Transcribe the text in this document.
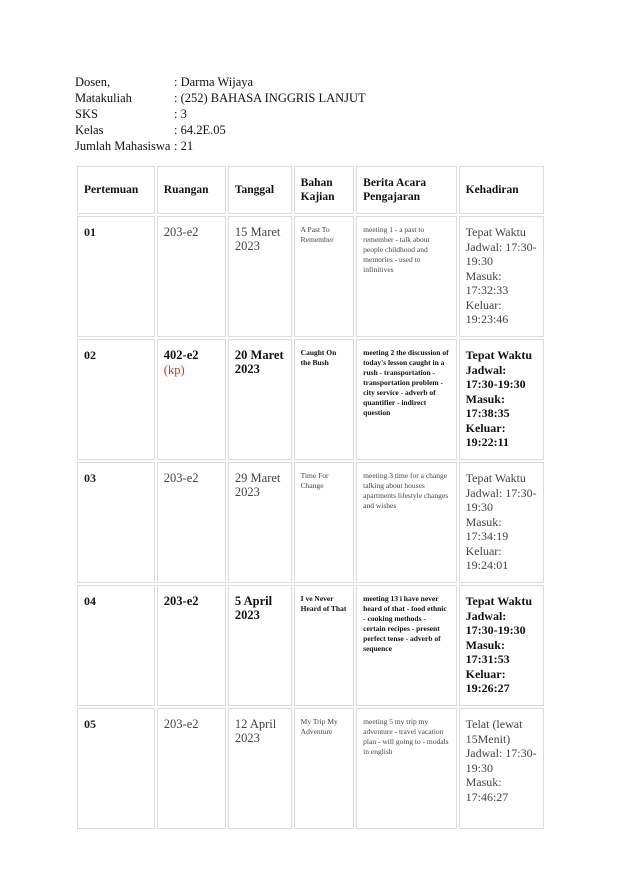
Dosen,	: Darma Wijaya
Matakuliah	: (252) BAHASA INGGRIS LANJUT
SKS	: 3
Kelas	: 64.2E.05
Jumlah Mahasiswa : 21
Pertemuan	Ruangan	Tanggal	Bahan Kajian	Berita Acara Pengajaran	Kehadiran
01	203-e2	15 Maret 2023	A Past To Remember	meeting 1 - a past to remember - talk about people childhood and memories - used to infinitives	Tepat Waktu
Jadwal: 17:30-19:30
Masuk: 17:32:33
Keluar: 19:23:46

02	402-e2 (kp)	20 Maret 2023	Caught On the Bush	meeting 2 the discussion of today's lesson caught in a rush - transportation - transportation problem - city service - adverb of quantifier - indirect question	Tepat Waktu
Jadwal: 17:30-19:30
Masuk: 17:38:35
Keluar: 19:22:11

03	203-e2	29 Maret 2023	Time For Change	meeting 3 time for a change talking about houses apartments lifestyle changes and wishes	Tepat Waktu
Jadwal: 17:30-19:30
Masuk: 17:34:19
Keluar: 19:24:01

04	203-e2	5 April 2023	I ve Never Heard of That	meeting 13 i have never heard of that - food ethnic - cooking methods - certain recipes - present perfect tense - adverb of sequence	Tepat Waktu
Jadwal: 17:30-19:30
Masuk: 17:31:53
Keluar: 19:26:27

05	203-e2	12 April 2023	My Trip My Adventure	meeting 5 my trip my adventure - travel vacation plan - will going to - modals in english	Telat (lewat 15Menit)
Jadwal: 17:30-19:30
Masuk: 17:46:27
